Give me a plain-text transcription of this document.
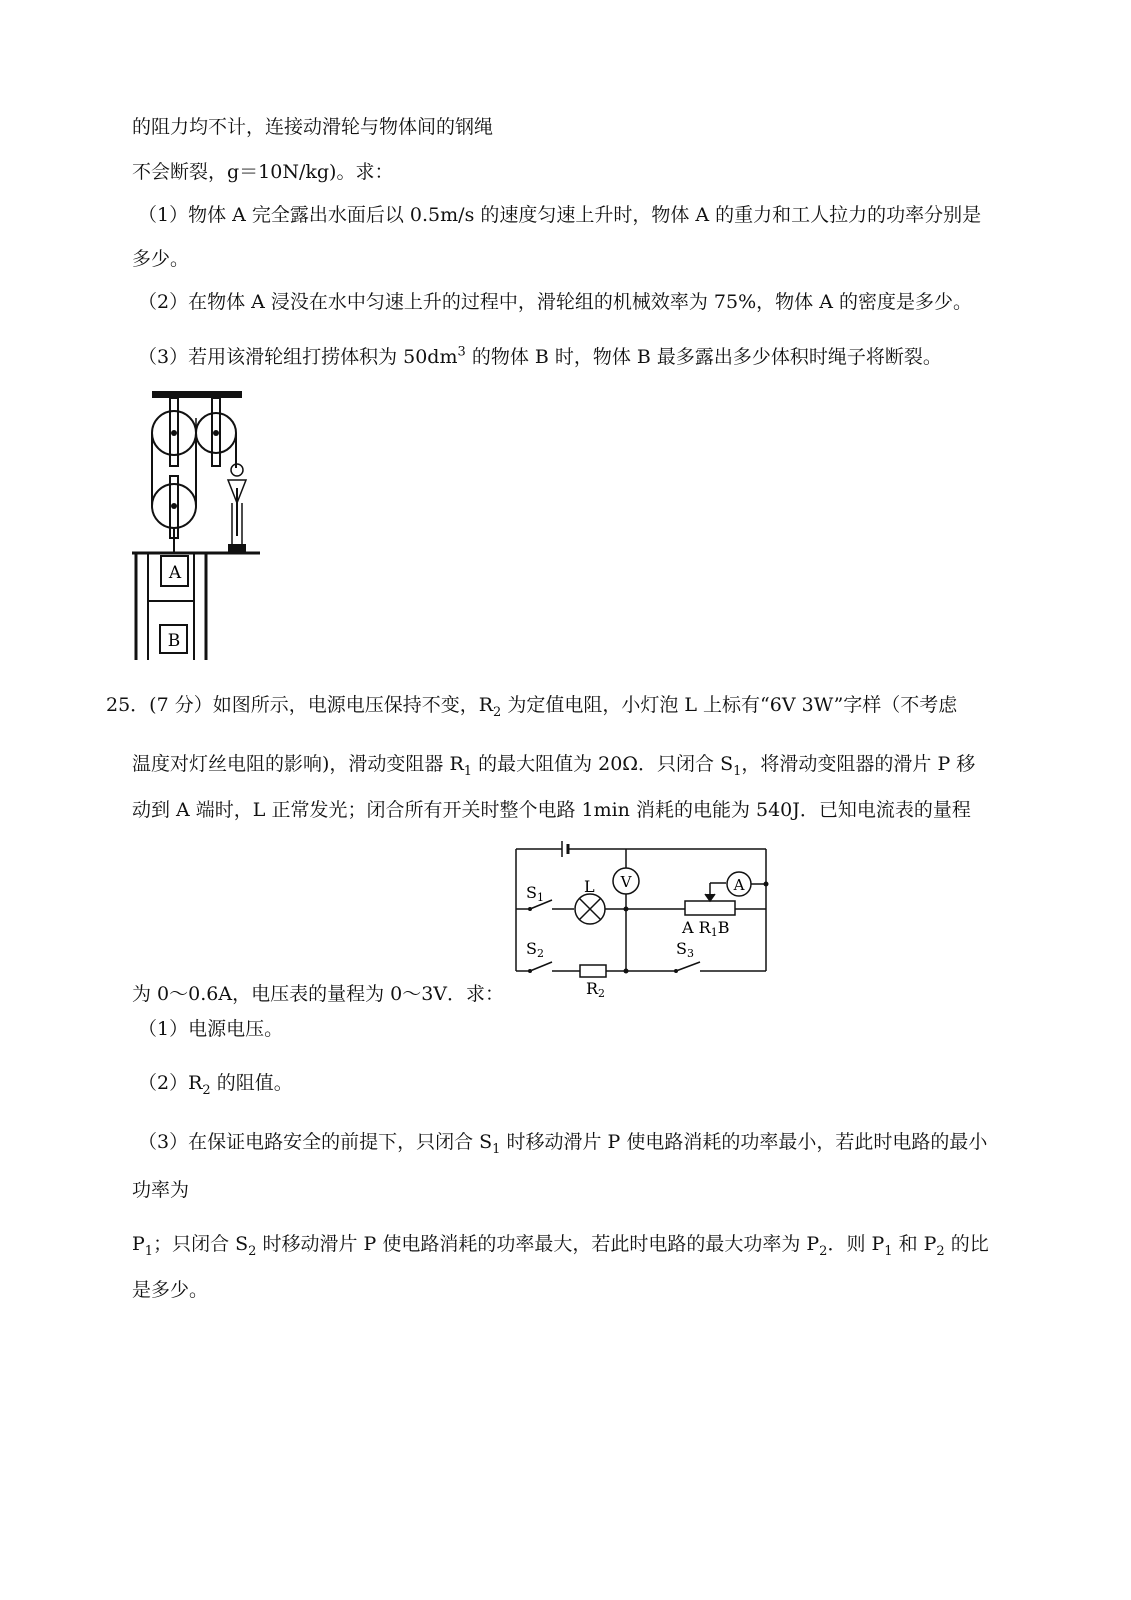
的阻力均不计，连接动滑轮与物体间的钢绳
不会断裂，g＝10N/kg)。求：
（1）物体 A 完全露出水面后以 0.5m/s 的速度匀速上升时，物体 A 的重力和工人拉力的功率分别是
多少。
（2）在物体 A 浸没在水中匀速上升的过程中，滑轮组的机械效率为 75%，物体 A 的密度是多少。
（3）若用该滑轮组打捞体积为 $50dm^3$ 的物体 B 时，物体 B 最多露出多少体积时绳子将断裂。
A
B
25．(7 分）如图所示，电源电压保持不变，$R_2$ 为定值电阻，小灯泡 L 上标有“6V 3W”字样（不考虑
温度对灯丝电阻的影响)，滑动变阻器 $R_1$ 的最大阻值为 20Ω．只闭合 $S_1$，将滑动变阻器的滑片 P 移
动到 A 端时，L 正常发光；闭合所有开关时整个电路 1min 消耗的电能为 540J．已知电流表的量程
为 0～0.6A，电压表的量程为 0～3V．求：
S1
L V	A
A R1B
S2	S3
R2
（1）电源电压。
$(2)R_2$ 的阻值。
（3）在保证电路安全的前提下，只闭合 $S_1$ 时移动滑片 P 使电路消耗的功率最小，若此时电路的最小
功率为
$P_1$；只闭合 $S_2$ 时移动滑片 P 使电路消耗的功率最大，若此时电路的最大功率为 $P_2$．则 $P_1$ 和 $P_2$ 的比
是多少。
